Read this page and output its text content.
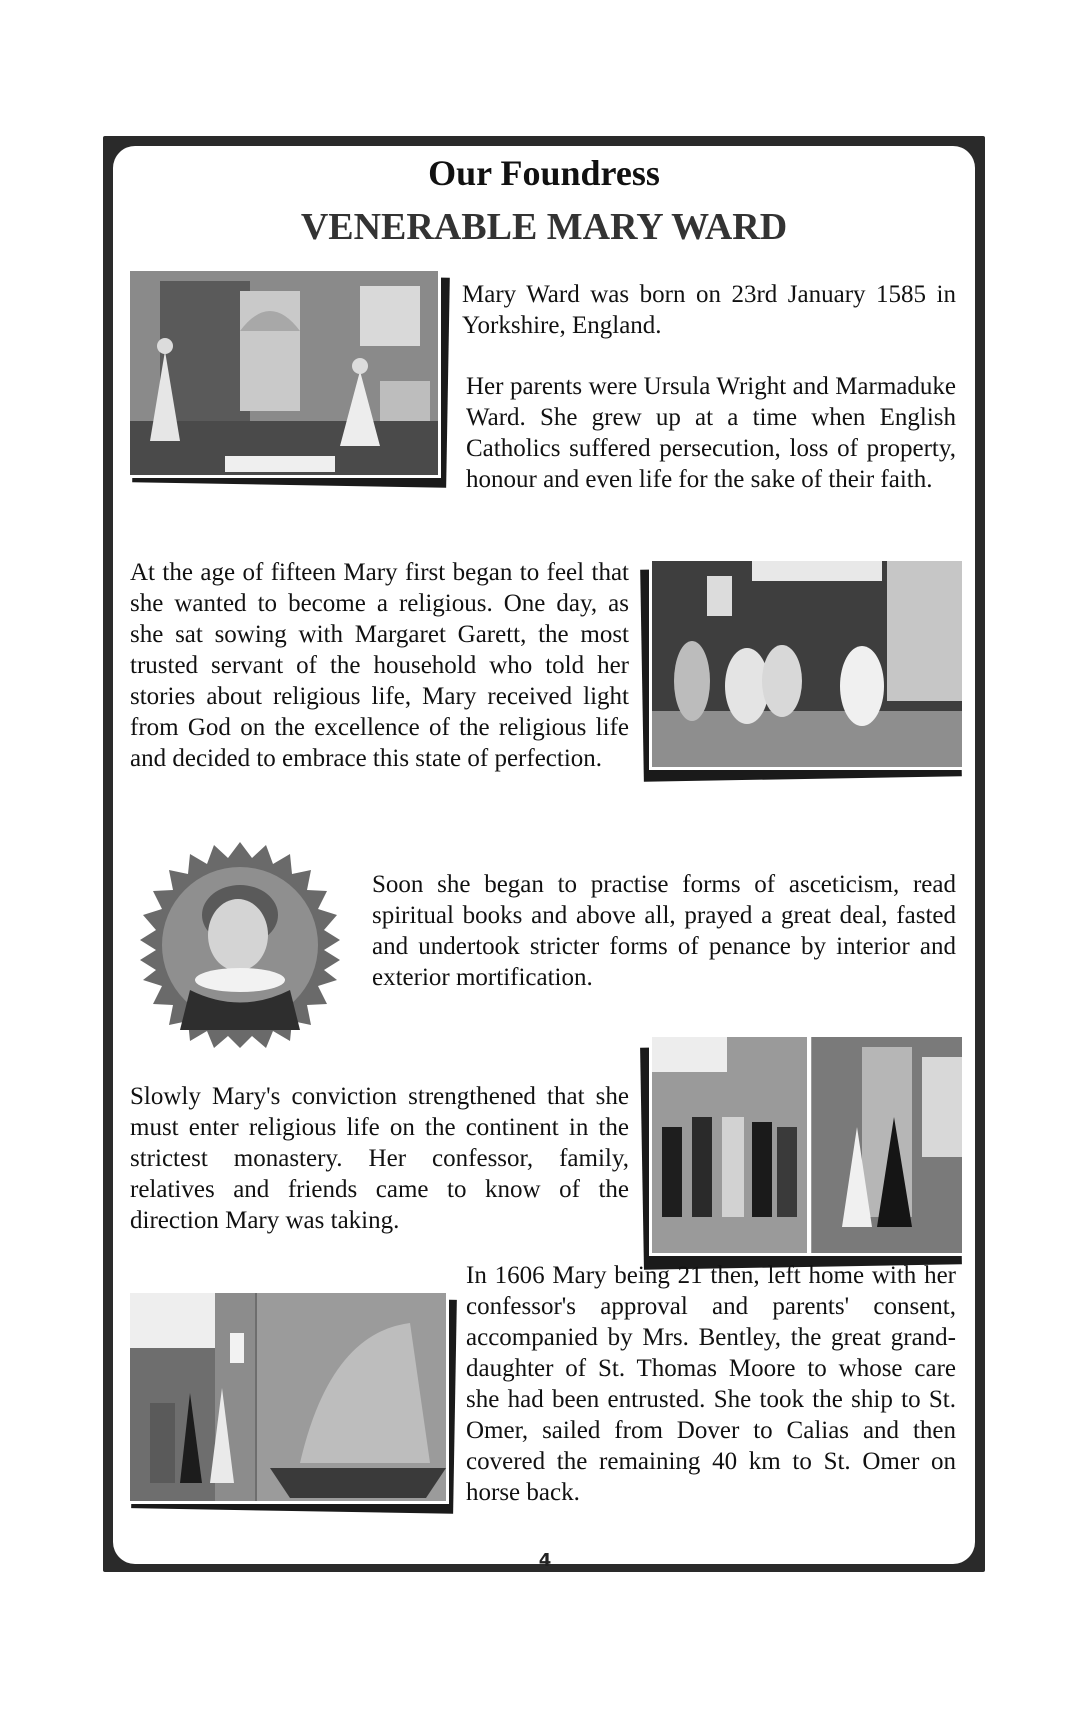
Our Foundress
VENERABLE MARY WARD
Mary Ward was born on 23rd January 1585 in Yorkshire, England.
Her parents were Ursula Wright and Marmaduke Ward. She grew up at a time when English Catholics suffered persecution, loss of property, honour and even life for the sake of their faith.
At the age of fifteen Mary first began to feel that she wanted to become a religious. One day, as she sat sowing with Margaret Garett, the most trusted servant of the household who told her stories about religious life, Mary received light from God on the excellence of the religious life and decided to embrace this state of perfection.
Soon she began to practise forms of asceticism, read spiritual books and above all, prayed a great deal, fasted and undertook stricter forms of penance by interior and exterior mortification.
Slowly Mary's conviction strengthened that she must enter religious life on the continent in the strictest monastery. Her confessor, family, relatives and friends came to know of the direction Mary was taking.
In 1606 Mary being 21 then, left home with her confessor's approval and parents' consent, accompanied by Mrs. Bentley, the great grand-daughter of St. Thomas Moore to whose care she had been entrusted. She took the ship to St. Omer, sailed from Dover to Calias and then covered the remaining 40 km to St. Omer on horse back.
4
